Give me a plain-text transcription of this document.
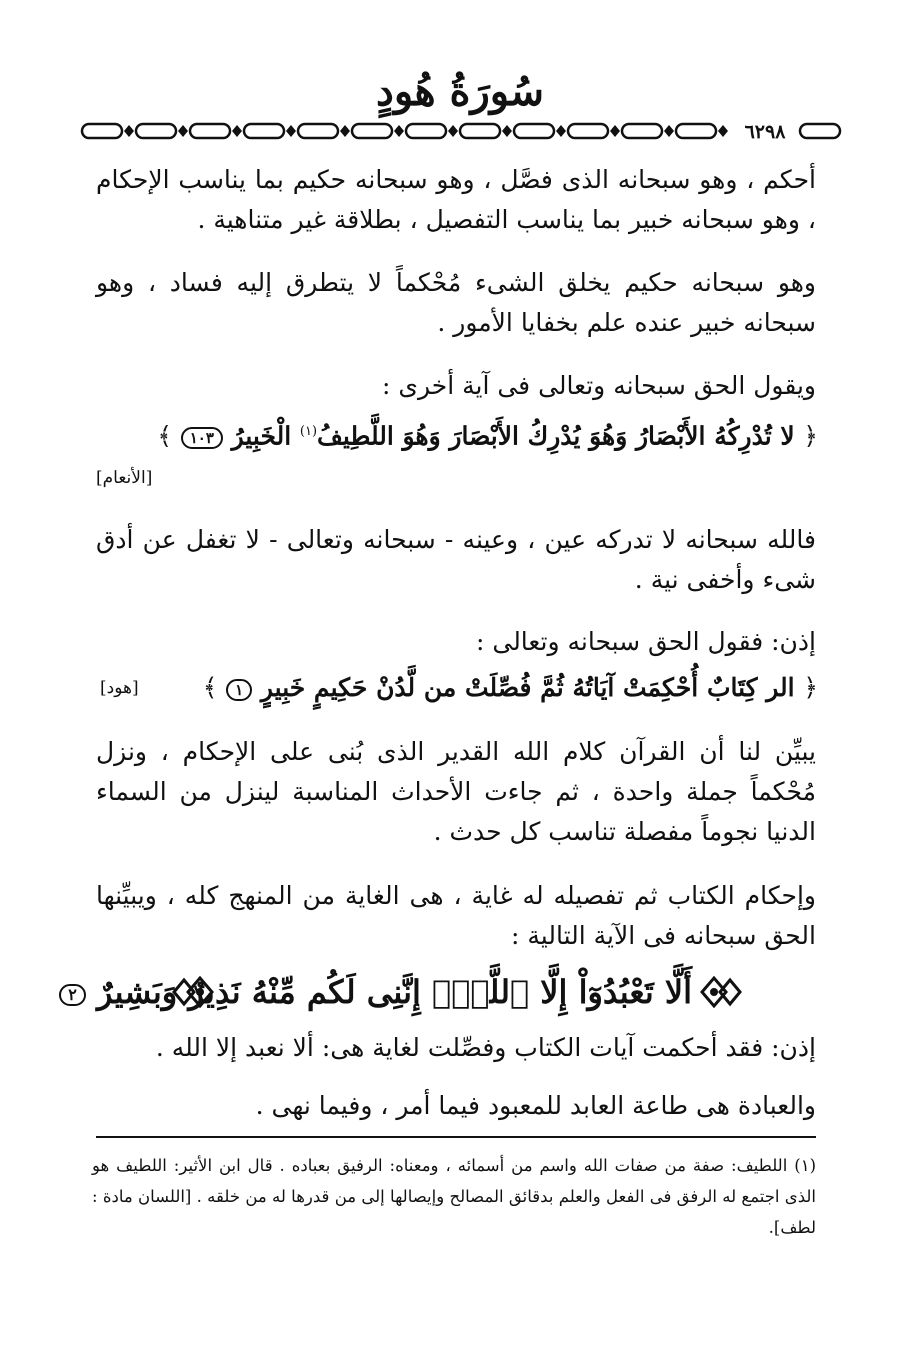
سُورَةُ هُودٍ
٦٢٩٨

أحكم ، وهو سبحانه الذى فصَّل ، وهو سبحانه حكيم بما يناسب الإحكام ، وهو سبحانه خبير بما يناسب التفصيل ، بطلاقة غير متناهية .

وهو سبحانه حكيم يخلق الشىء مُحْكماً لا يتطرق إليه فساد ، وهو سبحانه خبير عنده علم بخفايا الأمور .

ويقول الحق سبحانه وتعالى فى آية أخرى :

﴿ لا تُدْرِكُهُ الأَبْصَارُ وَهُوَ يُدْرِكُ الأَبْصَارَ وَهُوَ اللَّطِيفُ$^{(١)}$ الْخَبِيرُ ١٠٣ ﴾
[الأنعام]

فالله سبحانه لا تدركه عين ، وعينه - سبحانه وتعالى - لا تغفل عن أدق شىء وأخفى نية .

إذن: فقول الحق سبحانه وتعالى :

﴿ الر كِتَابٌ أُحْكِمَتْ آيَاتُهُ ثُمَّ فُصِّلَتْ من لَّدُنْ حَكِيمٍ خَبِيرٍ ١ ﴾
[هود]

يبيِّن لنا أن القرآن كلام الله القدير الذى بُنى على الإحكام ، ونزل مُحْكماً جملة واحدة ، ثم جاءت الأحداث المناسبة لينزل من السماء الدنيا نجوماً مفصلة تناسب كل حدث .

وإحكام الكتاب ثم تفصيله له غاية ، هى الغاية من المنهج كله ، ويبيِّنها الحق سبحانه فى الآية التالية :

أَلَّا تَعْبُدُوٓاْ إِلَّا ٱللَّهَۚ إِنَّنِى لَكُم مِّنْهُ نَذِيرٌ وَبَشِيرٌ ٢

إذن: فقد أحكمت آيات الكتاب وفصِّلت لغاية هى: ألا نعبد إلا الله .

والعبادة هى طاعة العابد للمعبود فيما أمر ، وفيما نهى .

(١) اللطيف: صفة من صفات الله واسم من أسمائه ، ومعناه: الرفيق بعباده . قال ابن الأثير: اللطيف هو الذى اجتمع له الرفق فى الفعل والعلم بدقائق المصالح وإيصالها إلى من قدرها له من خلقه . [اللسان مادة : لطف].
